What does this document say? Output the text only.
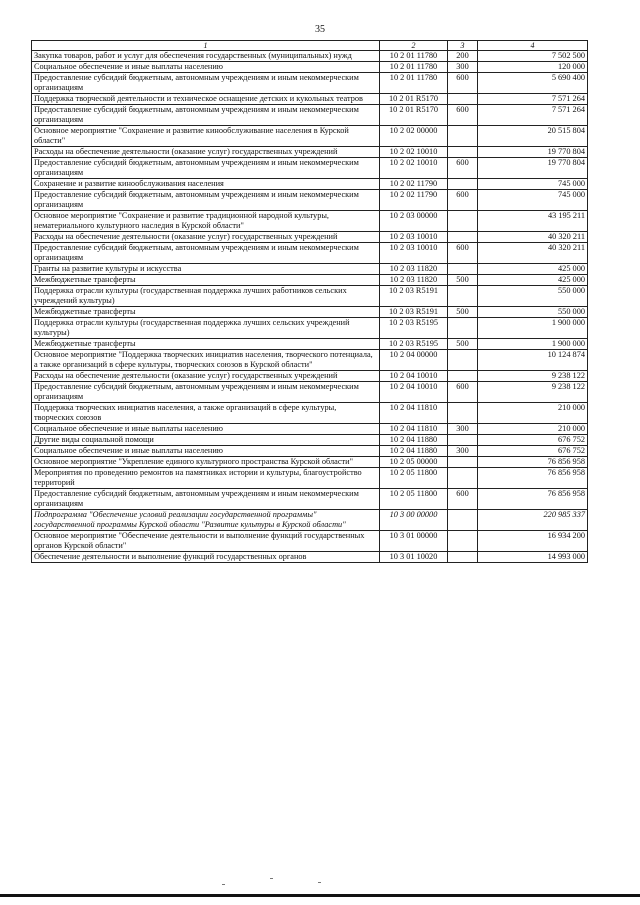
35
1	2	3	4
Закупка товаров, работ и услуг для обеспечения государственных (муниципальных) нужд	10 2 01 11780	200	7 502 500
Социальное обеспечение и иные выплаты населению	10 2 01 11780	300	120 000
Предоставление субсидий бюджетным, автономным учреждениям и иным некоммерческим организациям	10 2 01 11780	600	5 690 400
Поддержка творческой деятельности и техническое оснащение детских и кукольных театров	10 2 01 R5170		7 571 264
Предоставление субсидий бюджетным, автономным учреждениям и иным некоммерческим организациям	10 2 01 R5170	600	7 571 264
Основное мероприятие "Сохранение и развитие кинообслуживание населения в Курской области"	10 2 02 00000		20 515 804
Расходы на обеспечение деятельности (оказание услуг) государственных учреждений	10 2 02 10010		19 770 804
Предоставление субсидий бюджетным, автономным учреждениям и иным некоммерческим организациям	10 2 02 10010	600	19 770 804
Сохранение и развитие кинообслуживания населения	10 2 02 11790		745 000
Предоставление субсидий бюджетным, автономным учреждениям и иным некоммерческим организациям	10 2 02 11790	600	745 000
Основное мероприятие "Сохранение и развитие традиционной народной культуры, нематериального культурного наследия в Курской области"	10 2 03 00000		43 195 211
Расходы на обеспечение деятельности (оказание услуг) государственных учреждений	10 2 03 10010		40 320 211
Предоставление субсидий бюджетным, автономным учреждениям и иным некоммерческим организациям	10 2 03 10010	600	40 320 211
Гранты на развитие культуры и искусства	10 2 03 11820		425 000
Межбюджетные трансферты	10 2 03 11820	500	425 000
Поддержка отрасли культуры (государственная поддержка лучших работников сельских учреждений культуры)	10 2 03 R5191		550 000
Межбюджетные трансферты	10 2 03 R5191	500	550 000
Поддержка отрасли культуры (государственная поддержка лучших сельских учреждений культуры)	10 2 03 R5195		1 900 000
Межбюджетные трансферты	10 2 03 R5195	500	1 900 000
Основное мероприятие "Поддержка творческих инициатив населения, творческого потенциала, а также организаций в сфере культуры, творческих союзов в Курской области"	10 2 04 00000		10 124 874
Расходы на обеспечение деятельности (оказание услуг) государственных учреждений	10 2 04 10010		9 238 122
Предоставление субсидий бюджетным, автономным учреждениям и иным некоммерческим организациям	10 2 04 10010	600	9 238 122
Поддержка творческих инициатив населения, а также организаций в сфере культуры, творческих союзов	10 2 04 11810		210 000
Социальное обеспечение и иные выплаты населению	10 2 04 11810	300	210 000
Другие виды социальной помощи	10 2 04 11880		676 752
Социальное обеспечение и иные выплаты населению	10 2 04 11880	300	676 752
Основное мероприятие "Укрепление единого культурного пространства Курской области"	10 2 05 00000		76 856 958
Мероприятия по проведению ремонтов на памятниках истории и культуры, благоустройство территорий	10 2 05 11800		76 856 958
Предоставление субсидий бюджетным, автономным учреждениям и иным некоммерческим организациям	10 2 05 11800	600	76 856 958
Подпрограмма "Обеспечение условий реализации государственной программы" государственной программы Курской области "Развитие культуры в Курской области"	10 3 00 00000		220 985 337
Основное мероприятие "Обеспечение деятельности и выполнение функций государственных органов Курской области"	10 3 01 00000		16 934 200
Обеспечение деятельности и выполнение функций государственных органов	10 3 01 10020		14 993 000
